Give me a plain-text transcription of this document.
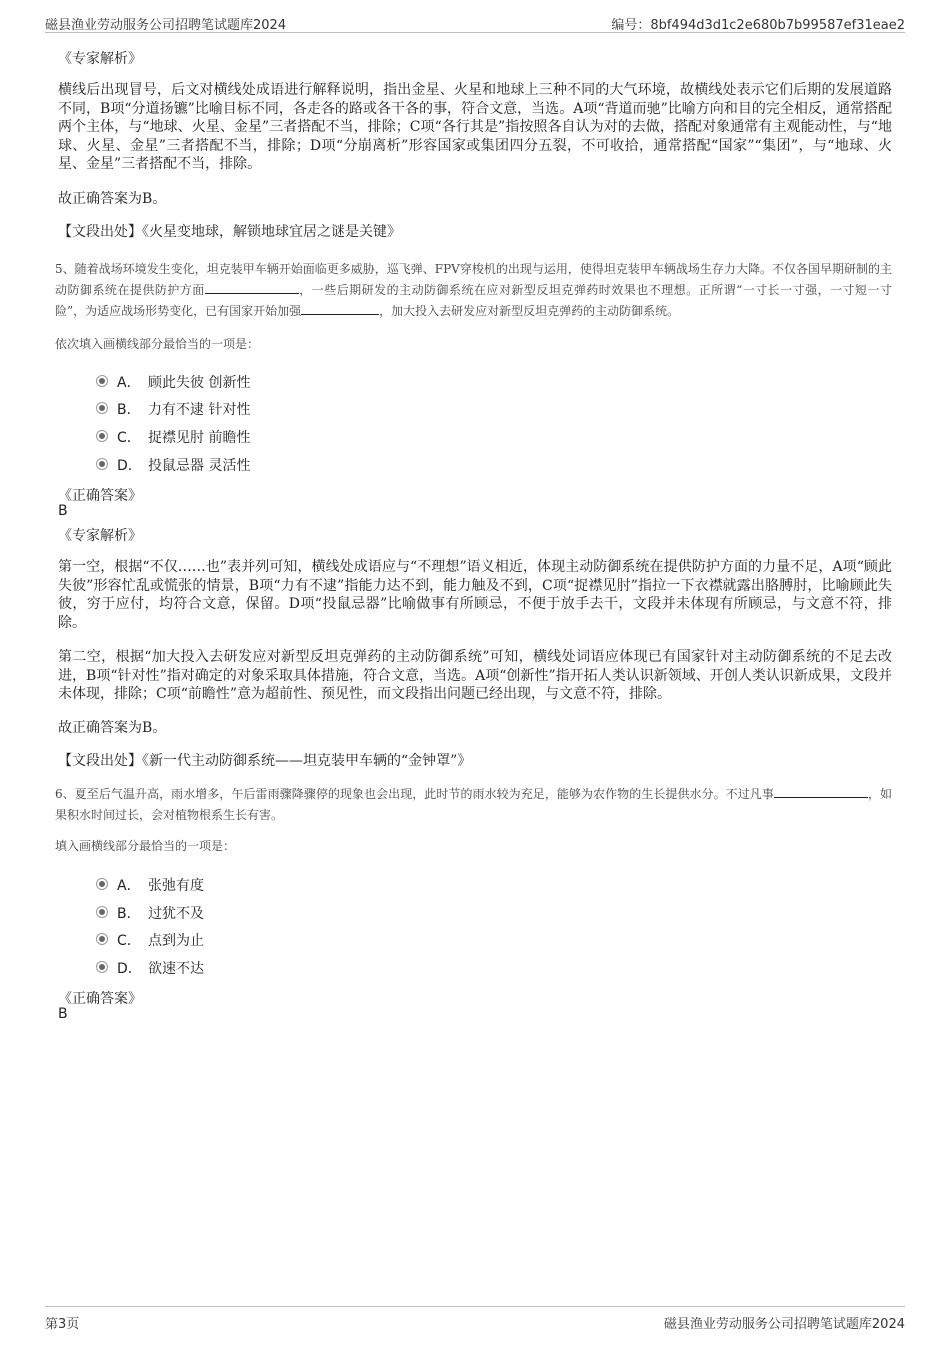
磁县渔业劳动服务公司招聘笔试题库2024	编号：8bf494d3d1c2e680b7b99587ef31eae2
《专家解析》
横线后出现冒号，后文对横线处成语进行解释说明，指出金星、火星和地球上三种不同的大气环境，故横线处表示它们后期的发展道路不同，B项“分道扬镳”比喻目标不同，各走各的路或各干各的事，符合文意，当选。A项“背道而驰”比喻方向和目的完全相反，通常搭配两个主体，与“地球、火星、金星”三者搭配不当，排除；C项“各行其是”指按照各自认为对的去做，搭配对象通常有主观能动性，与“地球、火星、金星”三者搭配不当，排除；D项“分崩离析”形容国家或集团四分五裂，不可收拾，通常搭配“国家”“集团”，与“地球、火星、金星”三者搭配不当，排除。
故正确答案为B。
【文段出处】《火星变地球，解锁地球宜居之谜是关键》
5、随着战场环境发生变化，坦克装甲车辆开始面临更多威胁，巡飞弹、FPV穿梭机的出现与运用，使得坦克装甲车辆战场生存力大降。不仅各国早期研制的主动防御系统在提供防护方面	，一些后期研发的主动防御系统在应对新型反坦克弹药时效果也不理想。正所谓“一寸长一寸强，一寸短一寸险”，为适应战场形势变化，已有国家开始加强	，加大投入去研发应对新型反坦克弹药的主动防御系统。
依次填入画横线部分最恰当的一项是：
A． 顾此失彼 创新性
B． 力有不逮 针对性
C． 捉襟见肘 前瞻性
D． 投鼠忌器 灵活性
《正确答案》
B
《专家解析》
第一空，根据“不仅……也”表并列可知，横线处成语应与“不理想”语义相近，体现主动防御系统在提供防护方面的力量不足，A项“顾此失彼”形容忙乱或慌张的情景，B项“力有不逮”指能力达不到，能力触及不到，C项“捉襟见肘”指拉一下衣襟就露出胳膊肘，比喻顾此失彼，穷于应付，均符合文意，保留。D项“投鼠忌器”比喻做事有所顾忌，不便于放手去干，文段并未体现有所顾忌，与文意不符，排除。
第二空，根据“加大投入去研发应对新型反坦克弹药的主动防御系统”可知，横线处词语应体现已有国家针对主动防御系统的不足去改进，B项“针对性”指对确定的对象采取具体措施，符合文意，当选。A项“创新性”指开拓人类认识新领域、开创人类认识新成果，文段并未体现，排除；C项“前瞻性”意为超前性、预见性，而文段指出问题已经出现，与文意不符，排除。
故正确答案为B。
【文段出处】《新一代主动防御系统——坦克装甲车辆的“金钟罩”》
6、夏至后气温升高，雨水增多，午后雷雨骤降骤停的现象也会出现，此时节的雨水较为充足，能够为农作物的生长提供水分。不过凡事	，如果积水时间过长，会对植物根系生长有害。
填入画横线部分最恰当的一项是：
A． 张弛有度
B． 过犹不及
C． 点到为止
D． 欲速不达
《正确答案》
B
第3页	磁县渔业劳动服务公司招聘笔试题库2024
